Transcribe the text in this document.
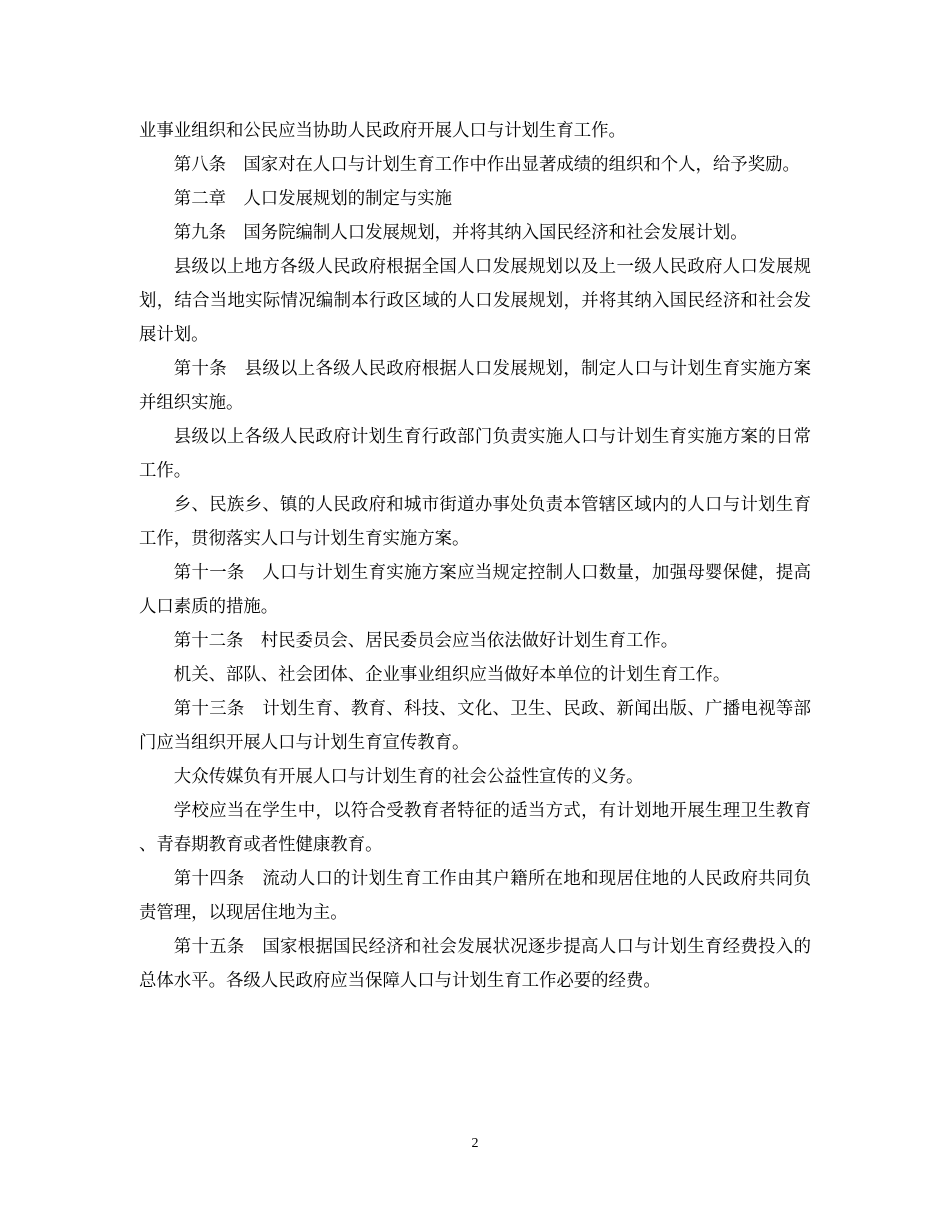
业事业组织和公民应当协助人民政府开展人口与计划生育工作。

第八条　国家对在人口与计划生育工作中作出显著成绩的组织和个人，给予奖励。

第二章　人口发展规划的制定与实施

第九条　国务院编制人口发展规划，并将其纳入国民经济和社会发展计划。

县级以上地方各级人民政府根据全国人口发展规划以及上一级人民政府人口发展规划，结合当地实际情况编制本行政区域的人口发展规划，并将其纳入国民经济和社会发展计划。

第十条　县级以上各级人民政府根据人口发展规划，制定人口与计划生育实施方案并组织实施。

县级以上各级人民政府计划生育行政部门负责实施人口与计划生育实施方案的日常工作。

乡、民族乡、镇的人民政府和城市街道办事处负责本管辖区域内的人口与计划生育工作，贯彻落实人口与计划生育实施方案。

第十一条　人口与计划生育实施方案应当规定控制人口数量，加强母婴保健，提高人口素质的措施。

第十二条　村民委员会、居民委员会应当依法做好计划生育工作。

机关、部队、社会团体、企业事业组织应当做好本单位的计划生育工作。

第十三条　计划生育、教育、科技、文化、卫生、民政、新闻出版、广播电视等部门应当组织开展人口与计划生育宣传教育。

大众传媒负有开展人口与计划生育的社会公益性宣传的义务。

学校应当在学生中，以符合受教育者特征的适当方式，有计划地开展生理卫生教育、青春期教育或者性健康教育。

第十四条　流动人口的计划生育工作由其户籍所在地和现居住地的人民政府共同负责管理，以现居住地为主。

第十五条　国家根据国民经济和社会发展状况逐步提高人口与计划生育经费投入的总体水平。各级人民政府应当保障人口与计划生育工作必要的经费。

2
